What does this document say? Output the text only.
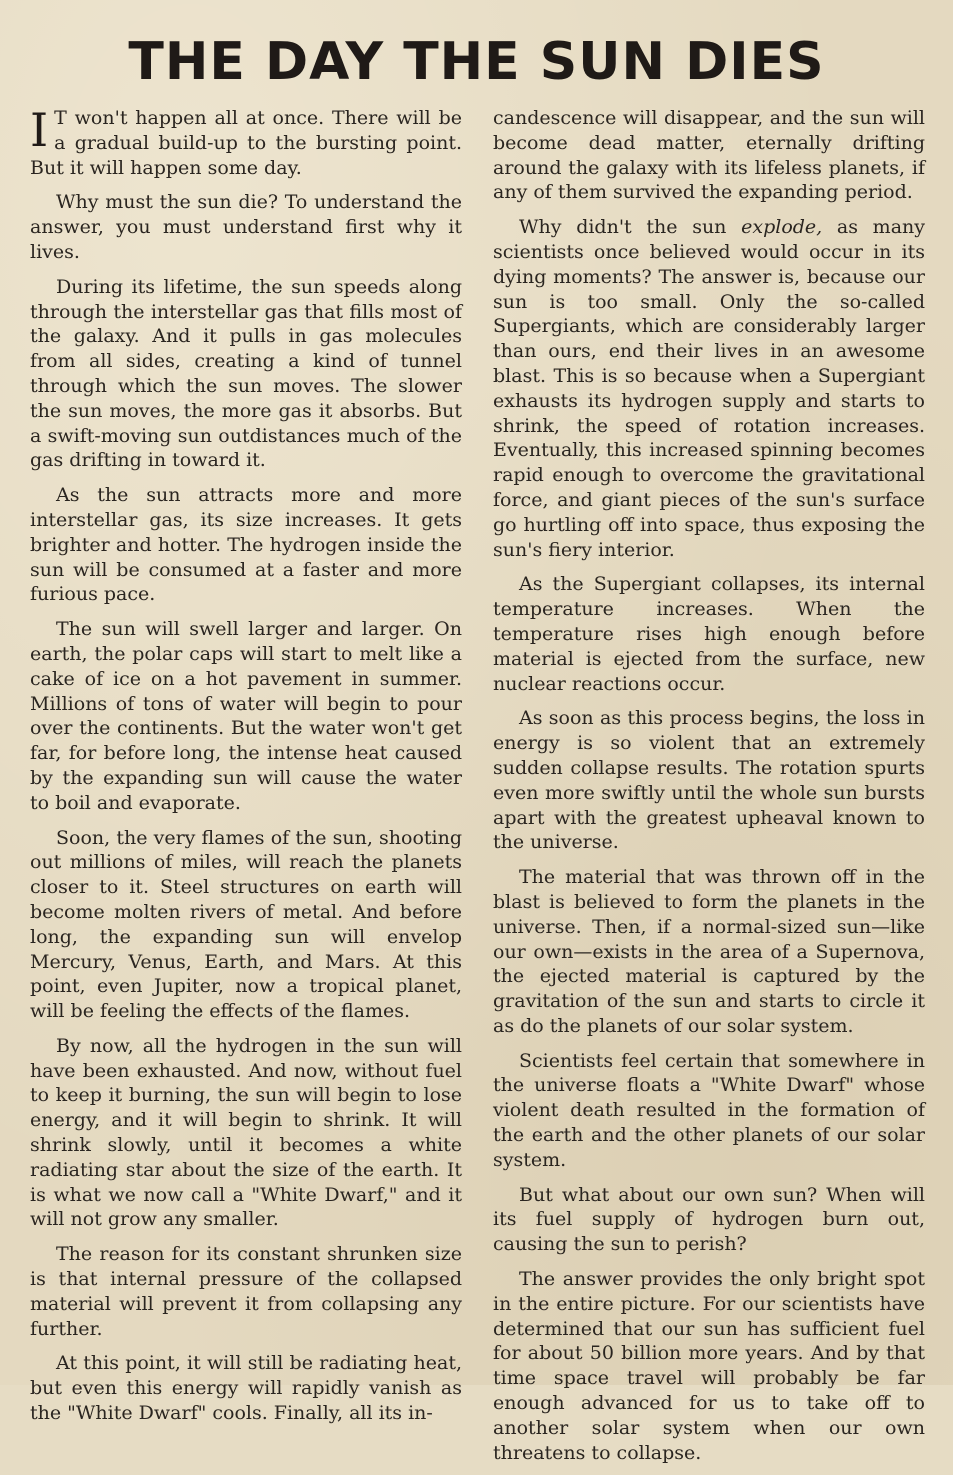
THE DAY THE SUN DIES

I T won't happen all at once. There will be a gradual build-up to the bursting point. But it will happen some day.

Why must the sun die? To understand the answer, you must understand first why it lives.

During its lifetime, the sun speeds along through the interstellar gas that fills most of the galaxy. And it pulls in gas molecules from all sides, creating a kind of tunnel through which the sun moves. The slower the sun moves, the more gas it absorbs. But a swift-moving sun outdistances much of the gas drifting in toward it.

As the sun attracts more and more interstellar gas, its size increases. It gets brighter and hotter. The hydrogen inside the sun will be consumed at a faster and more furious pace.

The sun will swell larger and larger. On earth, the polar caps will start to melt like a cake of ice on a hot pavement in summer. Millions of tons of water will begin to pour over the continents. But the water won't get far, for before long, the intense heat caused by the expanding sun will cause the water to boil and evaporate.

Soon, the very flames of the sun, shooting out millions of miles, will reach the planets closer to it. Steel structures on earth will become molten rivers of metal. And before long, the expanding sun will envelop Mercury, Venus, Earth, and Mars. At this point, even Jupiter, now a tropical planet, will be feeling the effects of the flames.

By now, all the hydrogen in the sun will have been exhausted. And now, without fuel to keep it burning, the sun will begin to lose energy, and it will begin to shrink. It will shrink slowly, until it becomes a white radiating star about the size of the earth. It is what we now call a "White Dwarf," and it will not grow any smaller.

The reason for its constant shrunken size is that internal pressure of the collapsed material will prevent it from collapsing any further.

At this point, it will still be radiating heat, but even this energy will rapidly vanish as the "White Dwarf" cools. Finally, all its in-

candescence will disappear, and the sun will become dead matter, eternally drifting around the galaxy with its lifeless planets, if any of them survived the expanding period.

Why didn't the sun explode, as many scientists once believed would occur in its dying moments? The answer is, because our sun is too small. Only the so-called Supergiants, which are considerably larger than ours, end their lives in an awesome blast. This is so because when a Supergiant exhausts its hydrogen supply and starts to shrink, the speed of rotation increases. Eventually, this increased spinning becomes rapid enough to overcome the gravitational force, and giant pieces of the sun's surface go hurtling off into space, thus exposing the sun's fiery interior.

As the Supergiant collapses, its internal temperature increases. When the temperature rises high enough before material is ejected from the surface, new nuclear reactions occur.

As soon as this process begins, the loss in energy is so violent that an extremely sudden collapse results. The rotation spurts even more swiftly until the whole sun bursts apart with the greatest upheaval known to the universe.

The material that was thrown off in the blast is believed to form the planets in the universe. Then, if a normal-sized sun—like our own—exists in the area of a Supernova, the ejected material is captured by the gravitation of the sun and starts to circle it as do the planets of our solar system.

Scientists feel certain that somewhere in the universe floats a "White Dwarf" whose violent death resulted in the formation of the earth and the other planets of our solar system.

But what about our own sun? When will its fuel supply of hydrogen burn out, causing the sun to perish?

The answer provides the only bright spot in the entire picture. For our scientists have determined that our sun has sufficient fuel for about 50 billion more years. And by that time space travel will probably be far enough advanced for us to take off to another solar system when our own threatens to collapse.
